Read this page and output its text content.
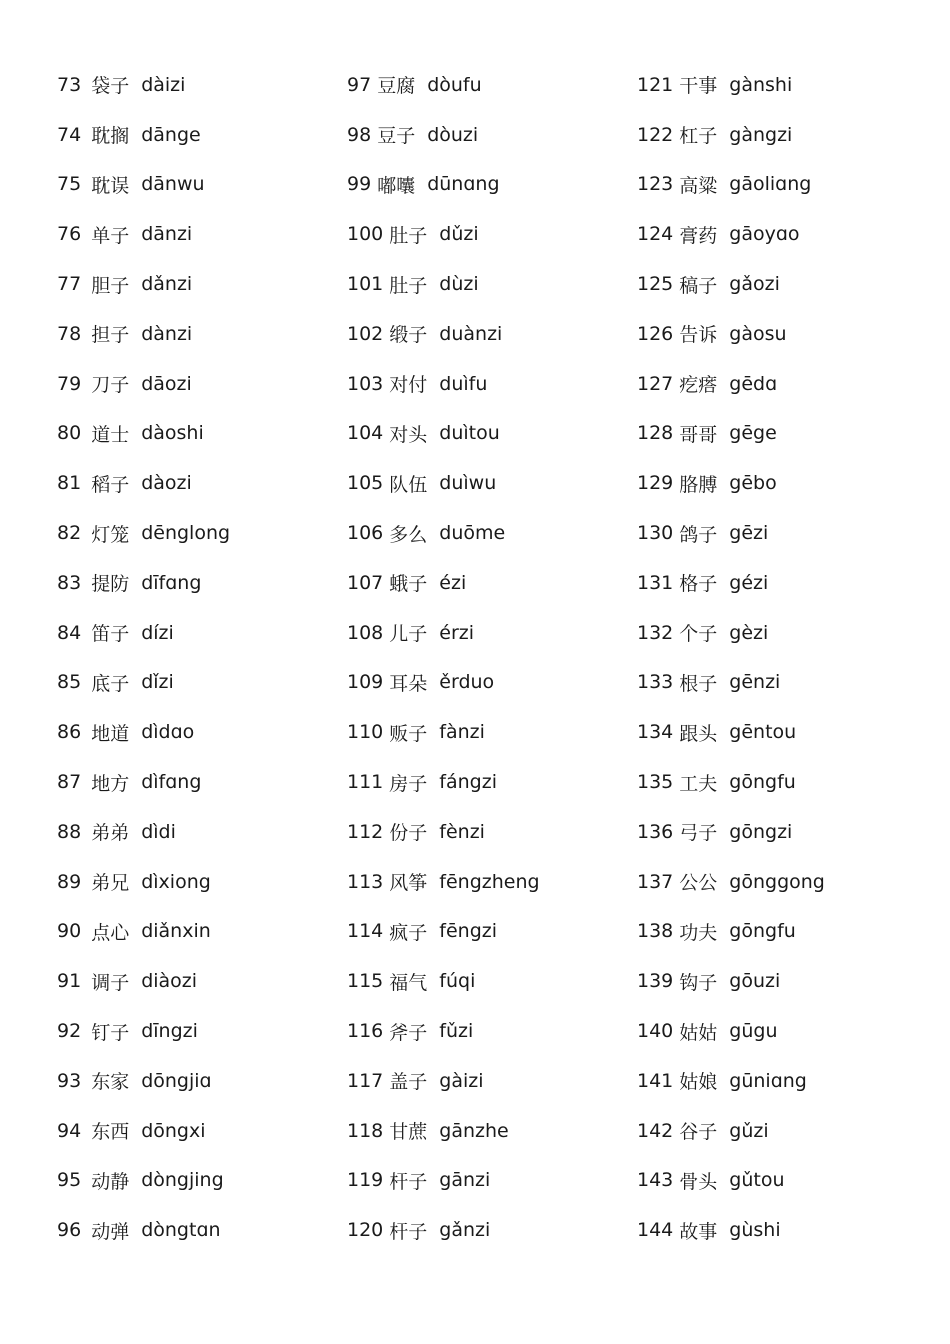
73 袋子 dàizi
74 耽搁 dānge
75 耽误 dānwu
76 单子 dānzi
77 胆子 dǎnzi
78 担子 dànzi
79 刀子 dāozi
80 道士 dàoshi
81 稻子 dàozi
82 灯笼 dēnglong
83 提防 dīfɑng
84 笛子 dízi
85 底子 dǐzi
86 地道 dìdɑo
87 地方 dìfɑng
88 弟弟 dìdi
89 弟兄 dìxiong
90 点心 diǎnxin
91 调子 diàozi
92 钉子 dīngzi
93 东家 dōngjiɑ
94 东西 dōngxi
95 动静 dòngjing
96 动弹 dòngtɑn
97 豆腐 dòufu
98 豆子 dòuzi
99 嘟囔 dūnɑng
100 肚子 dǔzi
101 肚子 dùzi
102 缎子 duànzi
103 对付 duìfu
104 对头 duìtou
105 队伍 duìwu
106 多么 duōme
107 蛾子 ézi
108 儿子 érzi
109 耳朵 ěrduo
110 贩子 fànzi
111 房子 fángzi
112 份子 fènzi
113 风筝 fēngzheng
114 疯子 fēngzi
115 福气 fúqi
116 斧子 fǔzi
117 盖子 gàizi
118 甘蔗 gānzhe
119 杆子 gānzi
120 杆子 gǎnzi
121 干事 gànshi
122 杠子 gàngzi
123 高粱 gāoliɑng
124 膏药 gāoyɑo
125 稿子 gǎozi
126 告诉 gàosu
127 疙瘩 gēdɑ
128 哥哥 gēge
129 胳膊 gēbo
130 鸽子 gēzi
131 格子 gézi
132 个子 gèzi
133 根子 gēnzi
134 跟头 gēntou
135 工夫 gōngfu
136 弓子 gōngzi
137 公公 gōnggong
138 功夫 gōngfu
139 钩子 gōuzi
140 姑姑 gūgu
141 姑娘 gūniɑng
142 谷子 gǔzi
143 骨头 gǔtou
144 故事 gùshi
